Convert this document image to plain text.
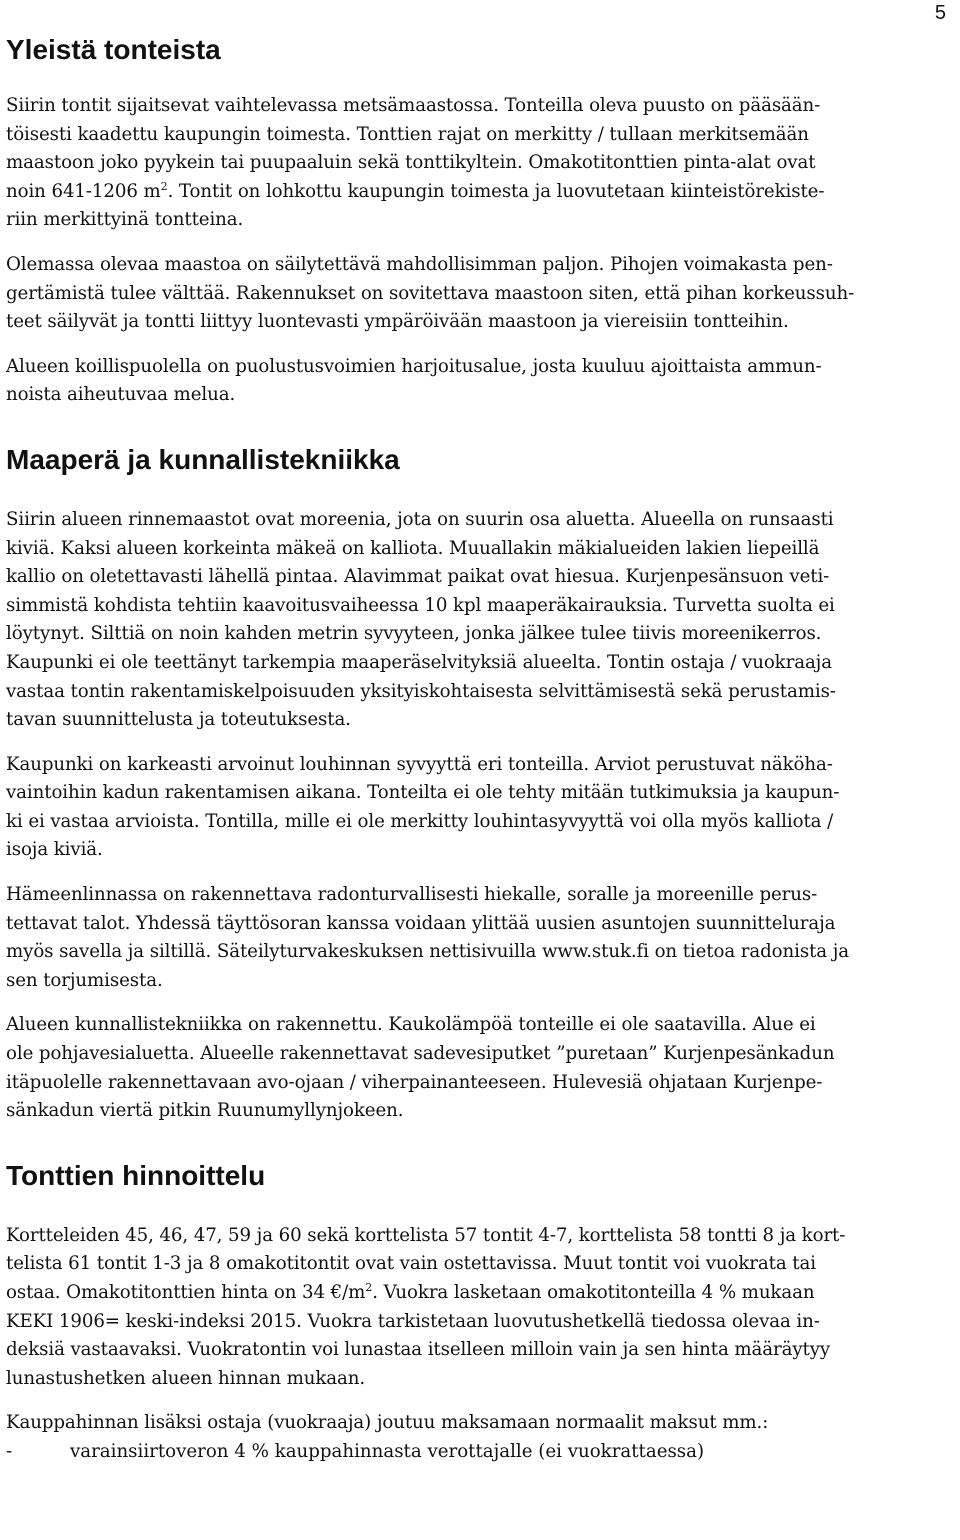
5
Yleistä tonteista

Siirin tontit sijaitsevat vaihtelevassa metsämaastossa. Tonteilla oleva puusto on pääsään-
töisesti kaadettu kaupungin toimesta. Tonttien rajat on merkitty / tullaan merkitsemään
maastoon joko pyykein tai puupaaluin sekä tonttikyltein. Omakotitonttien pinta-alat ovat
noin 641-1206 $m^2$. Tontit on lohkottu kaupungin toimesta ja luovutetaan kiinteistörekiste-
riin merkittyinä tontteina.

Olemassa olevaa maastoa on säilytettävä mahdollisimman paljon. Pihojen voimakasta pen-
gertämistä tulee välttää. Rakennukset on sovitettava maastoon siten, että pihan korkeussuh-
teet säilyvät ja tontti liittyy luontevasti ympäröivään maastoon ja viereisiin tontteihin.

Alueen koillispuolella on puolustusvoimien harjoitusalue, josta kuuluu ajoittaista ammun-
noista aiheutuvaa melua.

Maaperä ja kunnallistekniikka

Siirin alueen rinnemaastot ovat moreenia, jota on suurin osa aluetta. Alueella on runsaasti
kiviä. Kaksi alueen korkeinta mäkeä on kalliota. Muuallakin mäkialueiden lakien liepeillä
kallio on oletettavasti lähellä pintaa. Alavimmat paikat ovat hiesua. Kurjenpesänsuon veti-
simmistä kohdista tehtiin kaavoitusvaiheessa 10 kpl maaperäkairauksia. Turvetta suolta ei
löytynyt. Silttiä on noin kahden metrin syvyyteen, jonka jälkee tulee tiivis moreenikerros.
Kaupunki ei ole teettänyt tarkempia maaperäselvityksiä alueelta. Tontin ostaja / vuokraaja
vastaa tontin rakentamiskelpoisuuden yksityiskohtaisesta selvittämisestä sekä perustamis-
tavan suunnittelusta ja toteutuksesta.

Kaupunki on karkeasti arvoinut louhinnan syvyyttä eri tonteilla. Arviot perustuvat näköha-
vaintoihin kadun rakentamisen aikana. Tonteilta ei ole tehty mitään tutkimuksia ja kaupun-
ki ei vastaa arvioista. Tontilla, mille ei ole merkitty louhintasyvyyttä voi olla myös kalliota /
isoja kiviä.

Hämeenlinnassa on rakennettava radonturvallisesti hiekalle, soralle ja moreenille perus-
tettavat talot. Yhdessä täyttösoran kanssa voidaan ylittää uusien asuntojen suunnitteluraja
myös savella ja siltillä. Säteilyturvakeskuksen nettisivuilla www.stuk.fi on tietoa radonista ja
sen torjumisesta.

Alueen kunnallistekniikka on rakennettu. Kaukolämpöä tonteille ei ole saatavilla. Alue ei
ole pohjavesialuetta. Alueelle rakennettavat sadevesiputket ”puretaan” Kurjenpesänkadun
itäpuolelle rakennettavaan avo-ojaan / viherpainanteeseen. Hulevesiä ohjataan Kurjenpe-
sänkadun viertä pitkin Ruunumyllynjokeen.

Tonttien hinnoittelu

Kortteleiden 45, 46, 47, 59 ja 60 sekä korttelista 57 tontit 4-7, korttelista 58 tontti 8 ja kort-
telista 61 tontit 1-3 ja 8 omakotitontit ovat vain ostettavissa. Muut tontit voi vuokrata tai
ostaa. Omakotitonttien hinta on 34 $€/m^2$. Vuokra lasketaan omakotitonteilla 4 % mukaan
KEKI 1906= keski-indeksi 2015. Vuokra tarkistetaan luovutushetkellä tiedossa olevaa in-
deksiä vastaavaksi. Vuokratontin voi lunastaa itselleen milloin vain ja sen hinta määräytyy
lunastushetken alueen hinnan mukaan.

Kauppahinnan lisäksi ostaja (vuokraaja) joutuu maksamaan normaalit maksut mm.:

-	varainsiirtoveron 4 % kauppahinnasta verottajalle (ei vuokrattaessa)
